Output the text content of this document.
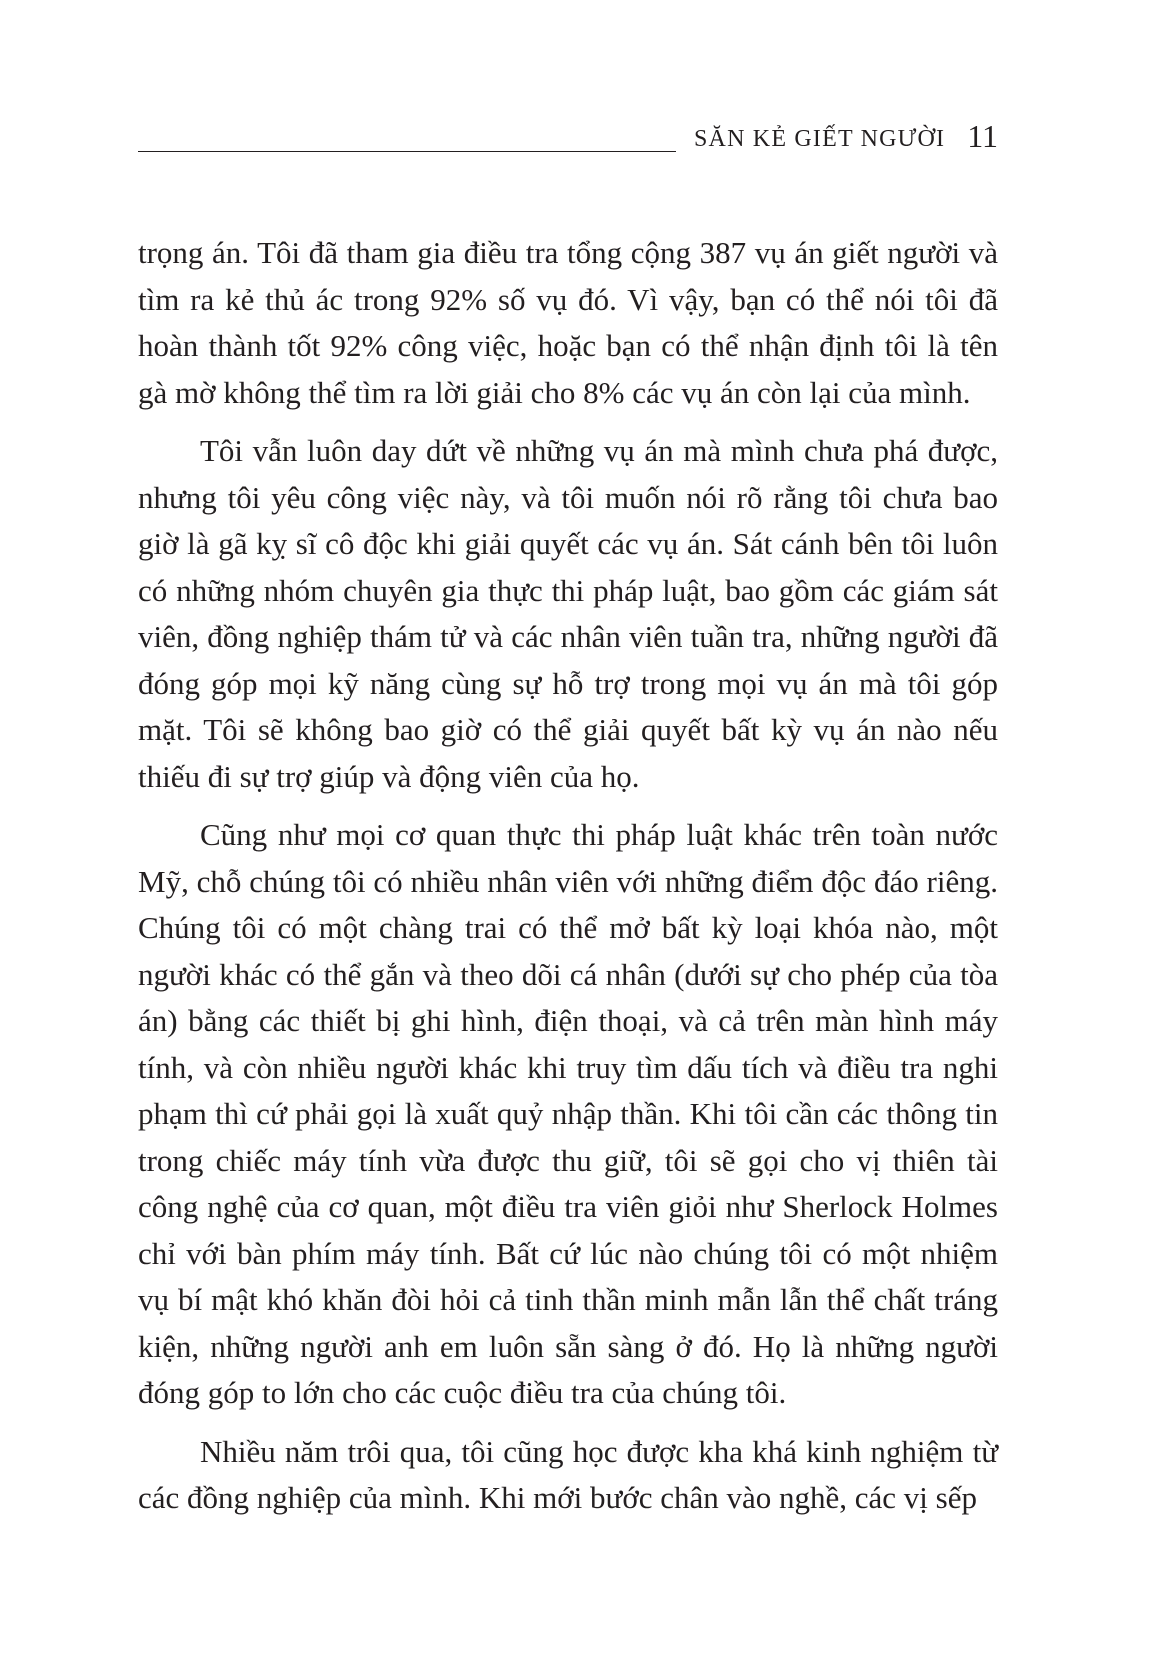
SĂN KẺ GIẾT NGƯỜI 11

trọng án. Tôi đã tham gia điều tra tổng cộng 387 vụ án giết người và tìm ra kẻ thủ ác trong 92% số vụ đó. Vì vậy, bạn có thể nói tôi đã hoàn thành tốt 92% công việc, hoặc bạn có thể nhận định tôi là tên gà mờ không thể tìm ra lời giải cho 8% các vụ án còn lại của mình.

Tôi vẫn luôn day dứt về những vụ án mà mình chưa phá được, nhưng tôi yêu công việc này, và tôi muốn nói rõ rằng tôi chưa bao giờ là gã kỵ sĩ cô độc khi giải quyết các vụ án. Sát cánh bên tôi luôn có những nhóm chuyên gia thực thi pháp luật, bao gồm các giám sát viên, đồng nghiệp thám tử và các nhân viên tuần tra, những người đã đóng góp mọi kỹ năng cùng sự hỗ trợ trong mọi vụ án mà tôi góp mặt. Tôi sẽ không bao giờ có thể giải quyết bất kỳ vụ án nào nếu thiếu đi sự trợ giúp và động viên của họ.

Cũng như mọi cơ quan thực thi pháp luật khác trên toàn nước Mỹ, chỗ chúng tôi có nhiều nhân viên với những điểm độc đáo riêng. Chúng tôi có một chàng trai có thể mở bất kỳ loại khóa nào, một người khác có thể gắn và theo dõi cá nhân (dưới sự cho phép của tòa án) bằng các thiết bị ghi hình, điện thoại, và cả trên màn hình máy tính, và còn nhiều người khác khi truy tìm dấu tích và điều tra nghi phạm thì cứ phải gọi là xuất quỷ nhập thần. Khi tôi cần các thông tin trong chiếc máy tính vừa được thu giữ, tôi sẽ gọi cho vị thiên tài công nghệ của cơ quan, một điều tra viên giỏi như Sherlock Holmes chỉ với bàn phím máy tính. Bất cứ lúc nào chúng tôi có một nhiệm vụ bí mật khó khăn đòi hỏi cả tinh thần minh mẫn lẫn thể chất tráng kiện, những người anh em luôn sẵn sàng ở đó. Họ là những người đóng góp to lớn cho các cuộc điều tra của chúng tôi.

Nhiều năm trôi qua, tôi cũng học được kha khá kinh nghiệm từ các đồng nghiệp của mình. Khi mới bước chân vào nghề, các vị sếp
